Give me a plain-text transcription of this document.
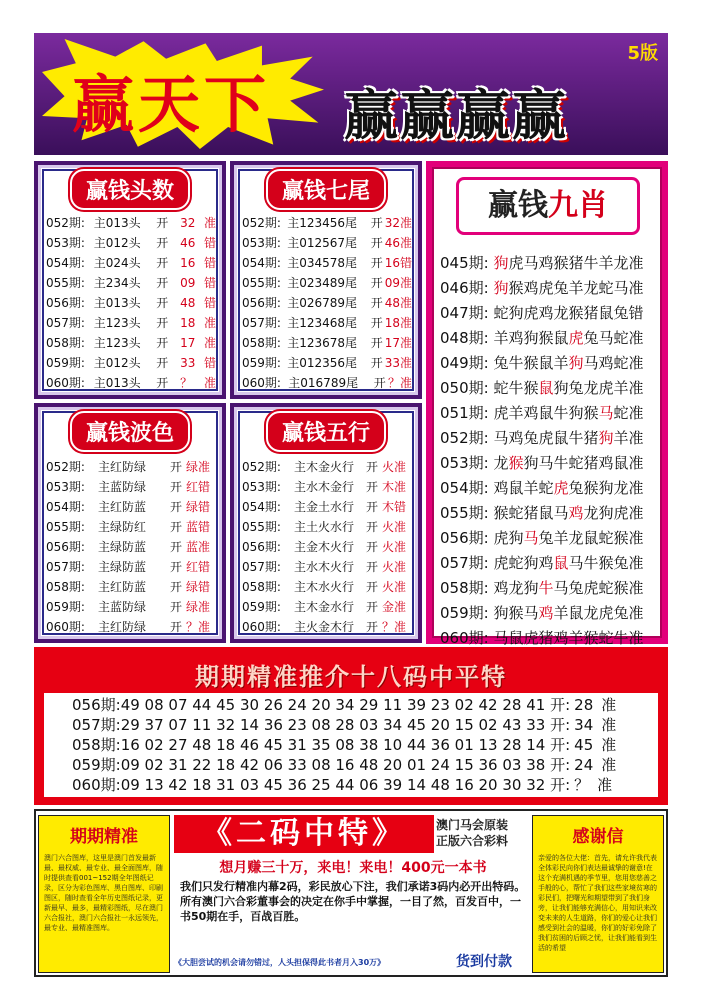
赢天下 赢赢赢赢
5版
赢钱头数
052期: 主013头	开 32 准
053期: 主012头	开 46 错
054期: 主024头	开 16 错
055期: 主234头	开 09 错
056期: 主013头	开 48 错
057期: 主123头	开 18 准
058期: 主123头	开 17 准
059期: 主012头	开 33 错
060期: 主013头	开 ？ 准
赢钱七尾
052期: 主123456尾	开 32准
053期: 主012567尾	开 46准
054期: 主034578尾	开 16错
055期: 主023489尾	开 09准
056期: 主026789尾	开 48准
057期: 主123468尾	开 18准
058期: 主123678尾	开 17准
059期: 主012356尾	开 33准
060期: 主016789尾	开 ？准
赢钱波色
052期:	主红防绿	开 绿准
053期:	主蓝防绿	开 红错
054期:	主红防蓝	开 绿错
055期:	主绿防红	开 蓝错
056期:	主绿防蓝	开 蓝准
057期:	主绿防蓝	开 红错
058期:	主红防蓝	开 绿错
059期:	主蓝防绿	开 绿准
060期:	主红防绿	开 ？准
赢钱五行
052期:	主木金火行 开 火准
053期:	主水木金行 开 木准
054期:	主金土水行 开 木错
055期:	主土火水行 开 火准
056期:	主金木火行 开 火准
057期:	主水木火行 开 火准
058期:	主木水火行 开 火准
059期:	主木金水行 开 金准
060期:	主火金木行 开 ？准
赢钱九肖
045期: 狗虎马鸡猴猪牛羊龙准
046期: 狗猴鸡虎兔羊龙蛇马准
047期: 蛇狗虎鸡龙猴猪鼠兔错
048期: 羊鸡狗猴鼠虎兔马蛇准
049期: 兔牛猴鼠羊狗马鸡蛇准
050期: 蛇牛猴鼠狗兔龙虎羊准
051期: 虎羊鸡鼠牛狗猴马蛇准
052期: 马鸡兔虎鼠牛猪狗羊准
053期: 龙猴狗马牛蛇猪鸡鼠准
054期: 鸡鼠羊蛇虎兔猴狗龙准
055期: 猴蛇猪鼠马鸡龙狗虎准
056期: 虎狗马兔羊龙鼠蛇猴准
057期: 虎蛇狗鸡鼠马牛猴兔准
058期: 鸡龙狗牛马兔虎蛇猴准
059期: 狗猴马鸡羊鼠龙虎兔准
060期: 马鼠虎猪鸡羊猴蛇牛准
期期精准推介十八码中平特
056期:49 08 07 44 45 30 26 24 20 34 29 11 39 23 02 42 28 41 开: 28 准
057期:29 37 07 11 32 14 36 23 08 28 03 34 45 20 15 02 43 33 开: 34 准
058期:16 02 27 48 18 46 45 31 35 08 38 10 44 36 01 13 28 14 开: 45 准
059期:09 02 31 22 18 42 06 33 08 16 48 20 01 24 15 36 03 38 开: 24 准
060期:09 13 42 18 31 03 45 36 25 44 06 39 14 48 16 20 30 32 开: ？ 准
期期精准
澳门六合图库，这里是澳门首发最新最、最权威、最专业、最全面图库，随时提供查看001~152期全年图纸记录，区分为彩色图库、黑白图库、印刷图区，随时查看全年历史图纸记录，更新最早、最多，最精彩图纸，尽在澳门六合报社，澳门六合报社一永远领先，最专业、最精准图库。
《二码中特》	澳门马会原装
正版六合彩料
想月赚三十万，来电！来电！400元一本书
我们只发行精准内幕2码，彩民放心下注，我们承诺3码内必开出特码。所有澳门六合彩董事会的决定在你手中掌握，一目了然，百发百中，一书50期在手，百战百胜。
《大胆尝试的机会请勿错过，人头担保得此书者月入30万》	货到付款
感谢信
亲爱的各位大佬：首先，请允许我代表全体彩民向你们表达最诚挚的谢意!在这个充满机遇的季节里，您用您慈善之手般的心，帮忙了我们这些家境贫寒的彩民们，把曙光和期望带到了我们身旁，让我们能够充满信心，用知识来改变未来的人生道路，你们的爱心让我们感受到社会的温暖，你们的好彩免除了我们贫困的后顾之忧，让我们能看到生活的希望
